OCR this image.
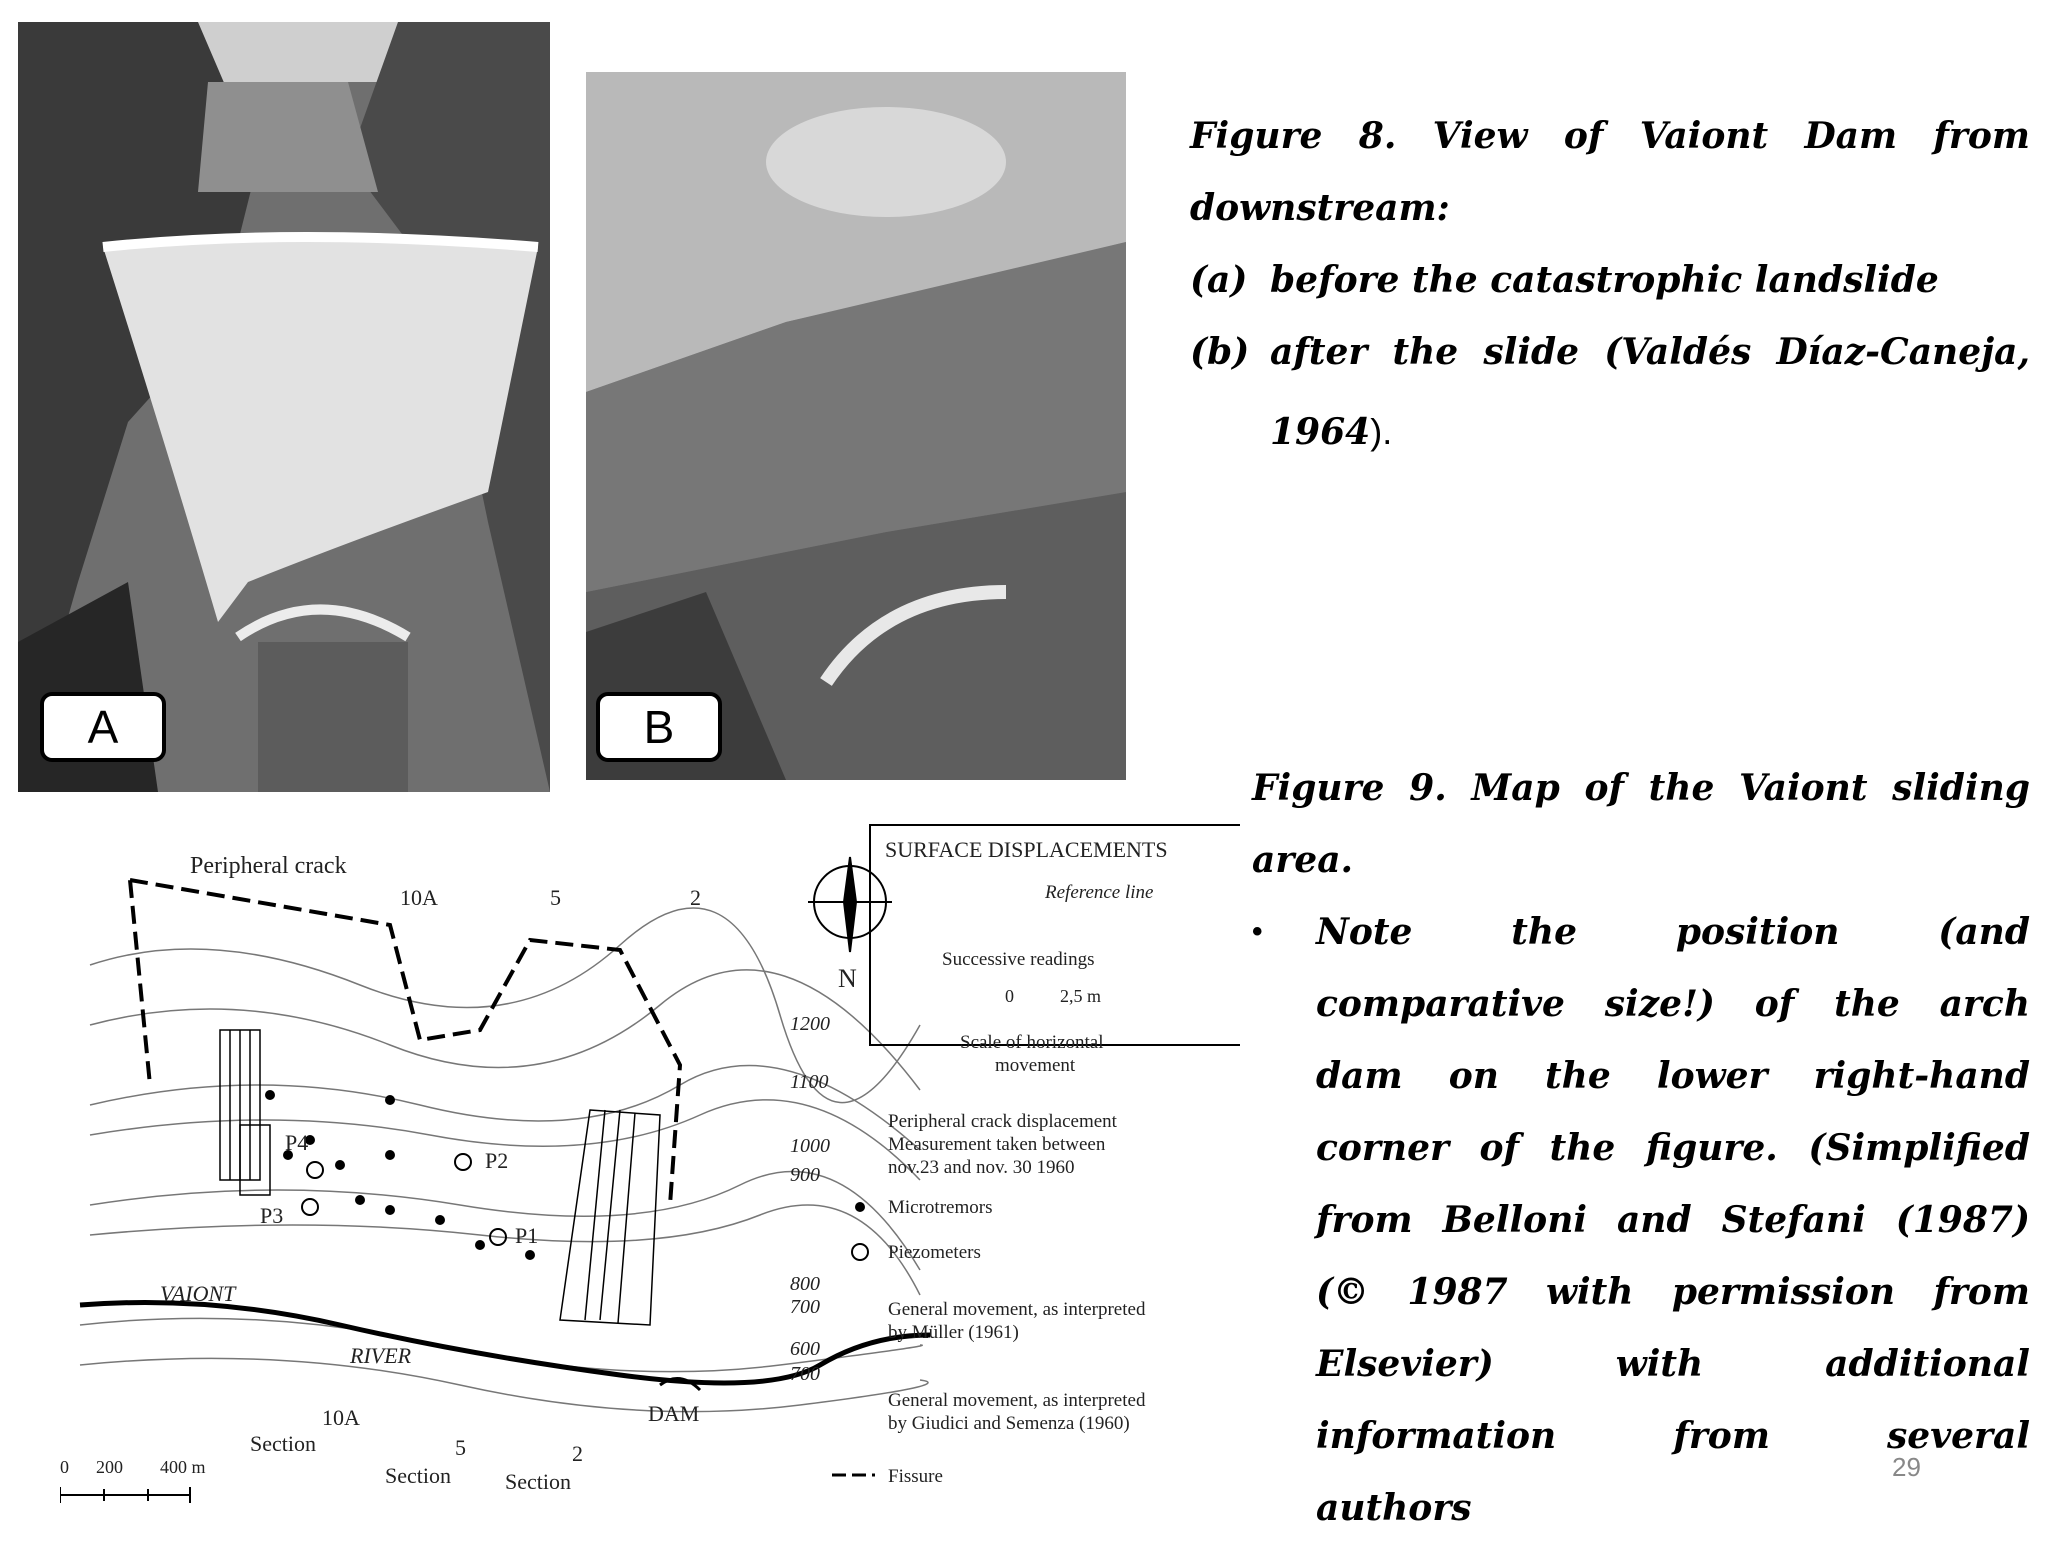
A	B
Figure 8. View of Vaiont Dam from
downstream:
(a) before the catastrophic landslide
(b) after the slide (Valdés Díaz-Caneja,
1964).
Figure 9. Map of the Vaiont sliding
area.
• Note the position (and
comparative size!) of the arch
dam on the lower right-hand
corner of the figure. (Simplified
from Belloni and Stefani (1987)
(© 1987 with permission from
Elsevier) with additional
information from several
authors
29
Peripheral crack
10A	5	2
N
1200
1100
1000
900
800
700
600
700
P4
P3
P2
P1
VAIONT
RIVER
DAM
10A
Section	5
Section
2
Section
0 200 400 m
SURFACE DISPLACEMENTS
Reference line
Successive readings
0	2,5 m
Scale of horizontal
movement
Peripheral crack displacement
Measurement taken between
nov.23 and nov. 30 1960
Microtremors
Piezometers
General movement, as interpreted
by Müller (1961)
General movement, as interpreted
by Giudici and Semenza (1960)
Fissure
